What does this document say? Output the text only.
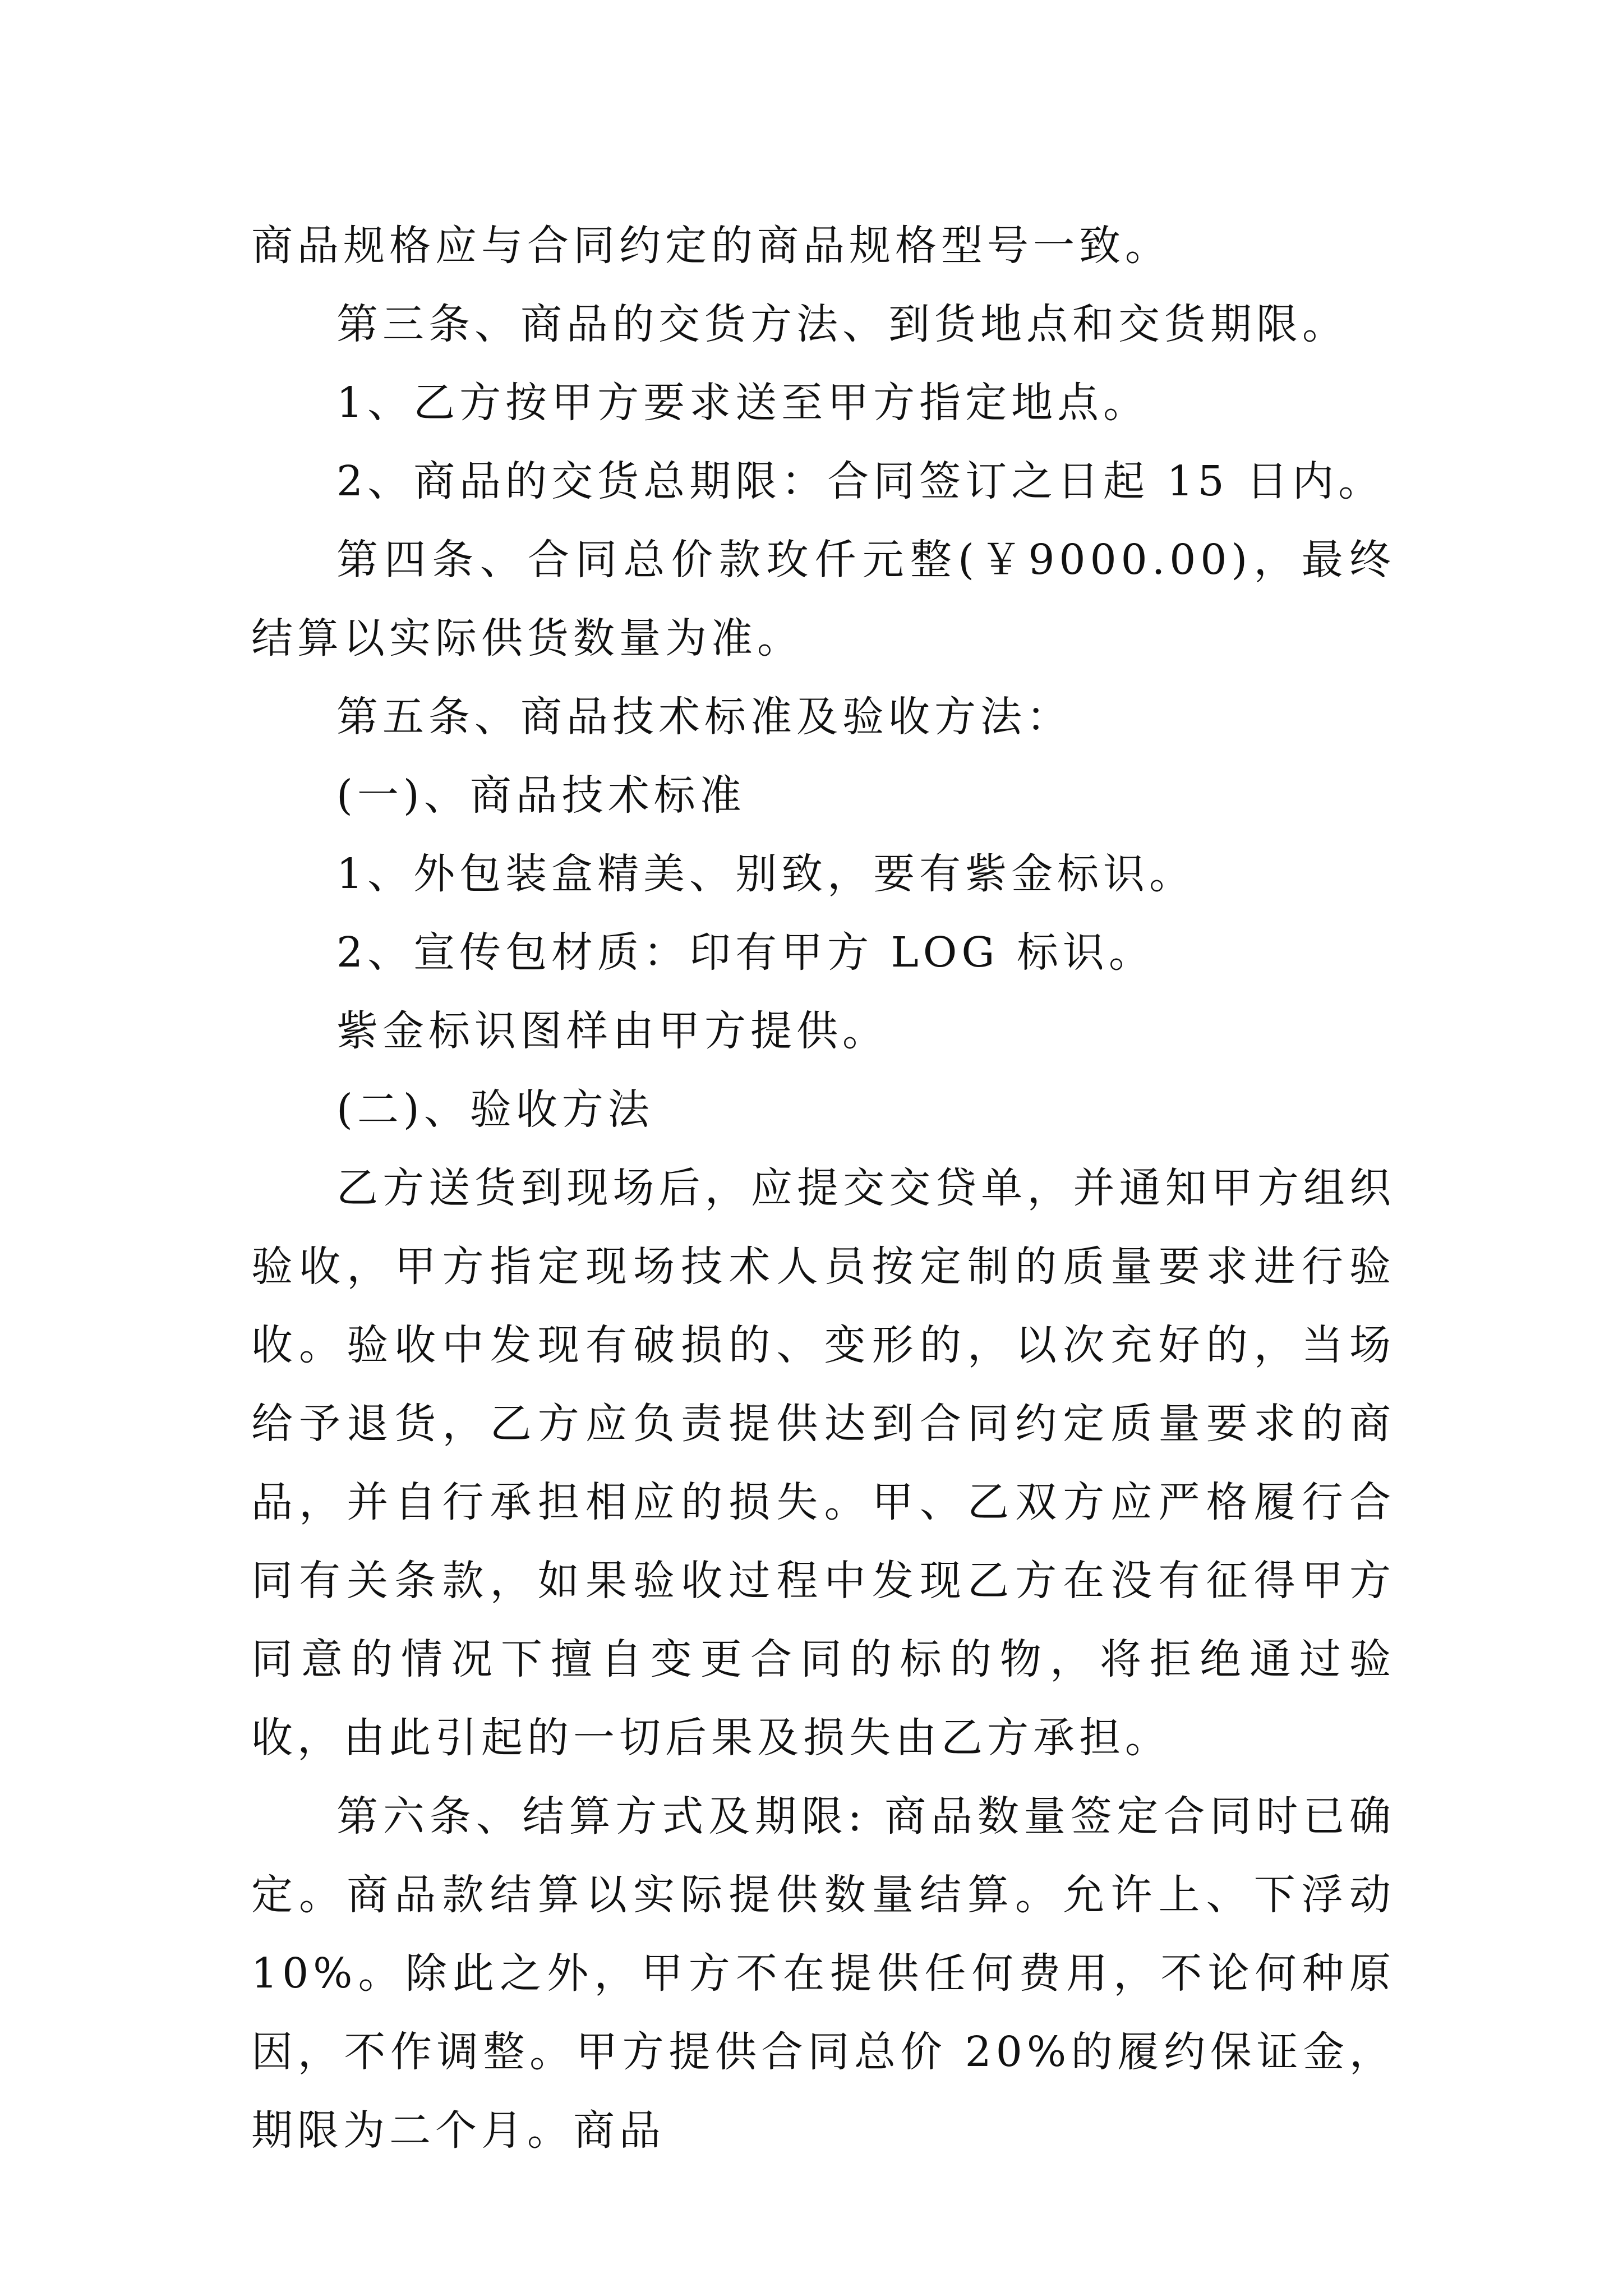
商品规格应与合同约定的商品规格型号一致。

第三条、商品的交货方法、到货地点和交货期限。

1、乙方按甲方要求送至甲方指定地点。

2、商品的交货总期限：合同签订之日起 15 日内。

第四条、合同总价款玫仟元整(￥9000.00)，最终结算以实际供货数量为准。

第五条、商品技术标准及验收方法：

(一)、商品技术标准

1、外包装盒精美、别致，要有紫金标识。

2、宣传包材质：印有甲方 LOG 标识。

紫金标识图样由甲方提供。

(二)、验收方法

乙方送货到现场后，应提交交贷单，并通知甲方组织验收，甲方指定现场技术人员按定制的质量要求进行验收。验收中发现有破损的、变形的，以次充好的，当场给予退货，乙方应负责提供达到合同约定质量要求的商品，并自行承担相应的损失。甲、乙双方应严格履行合同有关条款，如果验收过程中发现乙方在没有征得甲方同意的情况下擅自变更合同的标的物，将拒绝通过验收，由此引起的一切后果及损失由乙方承担。

第六条、结算方式及期限: 商品数量签定合同时已确定。商品款结算以实际提供数量结算。允许上、下浮动 10%。除此之外，甲方不在提供任何费用，不论何种原因，不作调整。甲方提供合同总价 20%的履约保证金，期限为二个月。商品
